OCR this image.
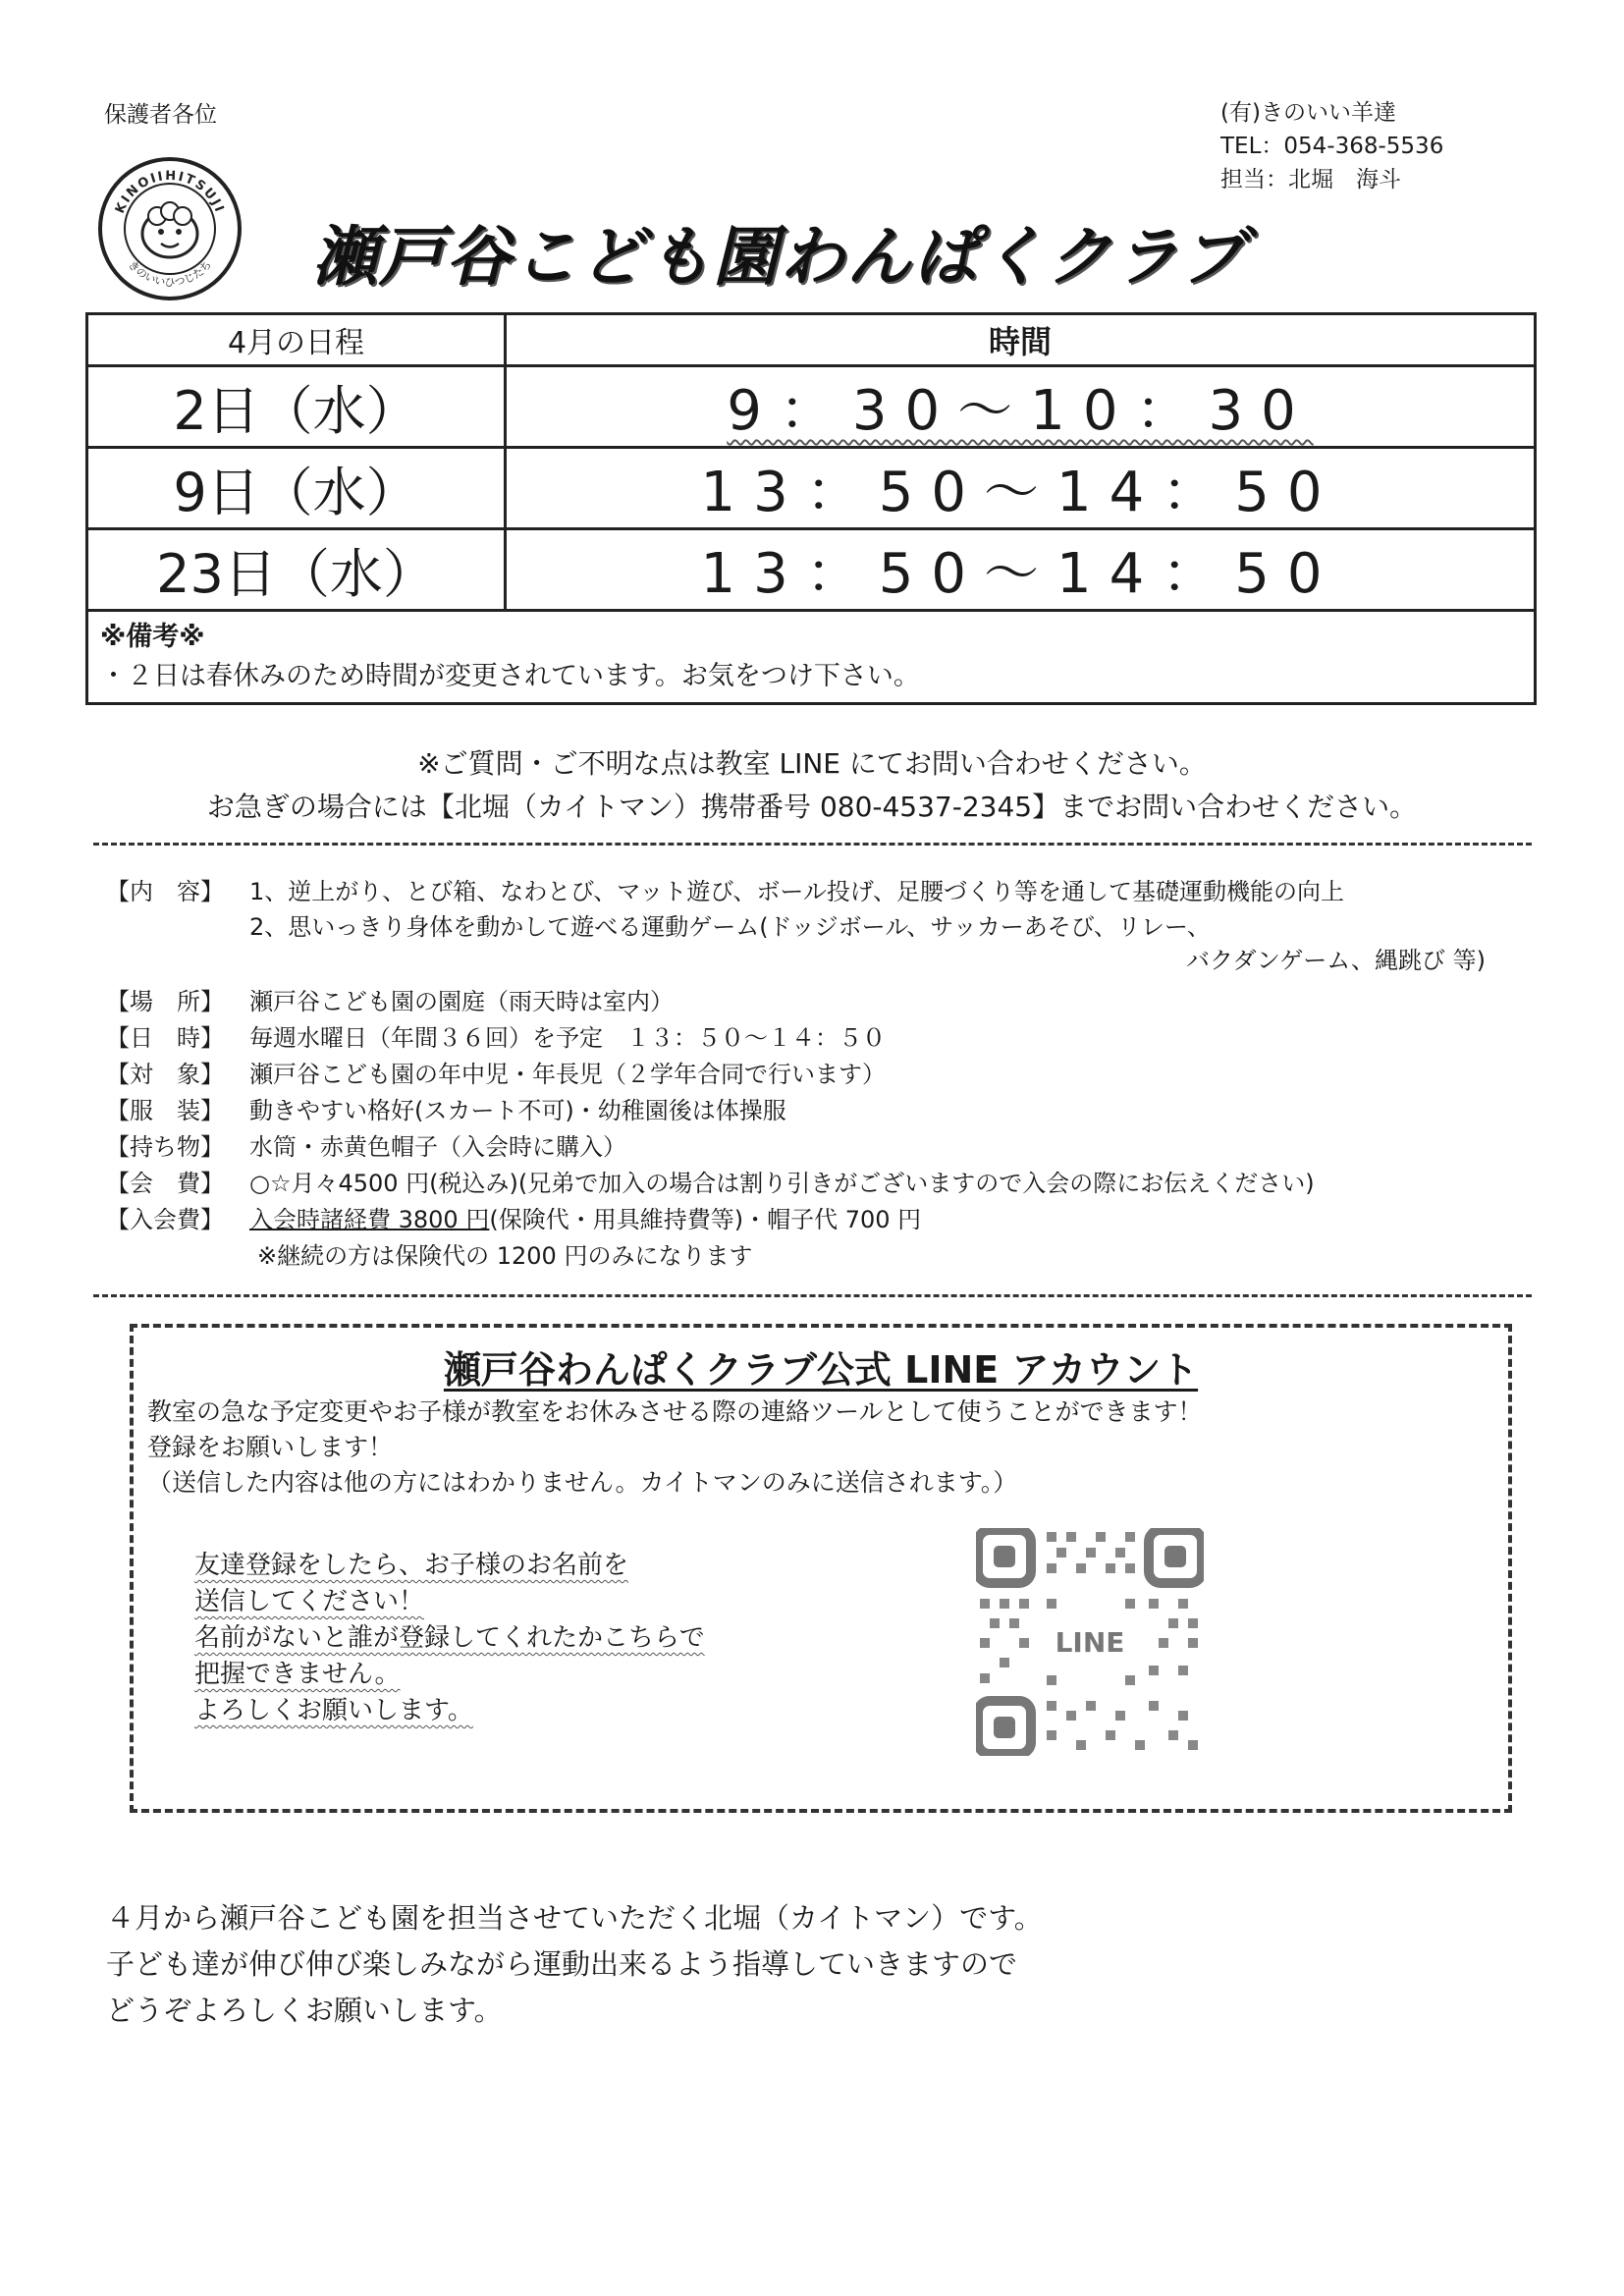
保護者各位	(有)きのいい羊達
TEL：054-368-5536
担当：北堀　海斗
KINOIIHITSUJI
きのいいひつじたち 瀬戸谷こども園わんぱくクラブ
4月の日程	時間
2日（水）	9：30～10：30
9日（水）	13：50～14：50
23日（水）	13：50～14：50

※備考※
・２日は春休みのため時間が変更されています。お気をつけ下さい。	
※ご質問・ご不明な点は教室 LINE にてお問い合わせください。
お急ぎの場合には【北堀（カイトマン）携帯番号 080-4537-2345】までお問い合わせください。
【内　容】 1、逆上がり、とび箱、なわとび、マット遊び、ボール投げ、足腰づくり等を通して基礎運動機能の向上
2、思いっきり身体を動かして遊べる運動ゲーム(ドッジボール、サッカーあそび、リレー、
バクダンゲーム、縄跳び 等)
【場　所】 瀬戸谷こども園の園庭（雨天時は室内）
【日　時】 毎週水曜日（年間３６回）を予定　１３：５０～１４：５０
【対　象】 瀬戸谷こども園の年中児・年長児（２学年合同で行います）
【服　装】 動きやすい格好(スカート不可)・幼稚園後は体操服
【持ち物】 水筒・赤黄色帽子（入会時に購入）
【会　費】 ○☆月々4500 円(税込み)(兄弟で加入の場合は割り引きがございますので入会の際にお伝えください)
【入会費】 入会時諸経費 3800 円(保険代・用具維持費等)・帽子代 700 円
※継続の方は保険代の 1200 円のみになります
瀬戸谷わんぱくクラブ公式 LINE アカウント
教室の急な予定変更やお子様が教室をお休みさせる際の連絡ツールとして使うことができます！
登録をお願いします！
（送信した内容は他の方にはわかりません。カイトマンのみに送信されます。）
友達登録をしたら、お子様のお名前を
送信してください！
名前がないと誰が登録してくれたかこちらで
把握できません。
よろしくお願いします。
LINE
４月から瀬戸谷こども園を担当させていただく北堀（カイトマン）です。
子ども達が伸び伸び楽しみながら運動出来るよう指導していきますので
どうぞよろしくお願いします。
